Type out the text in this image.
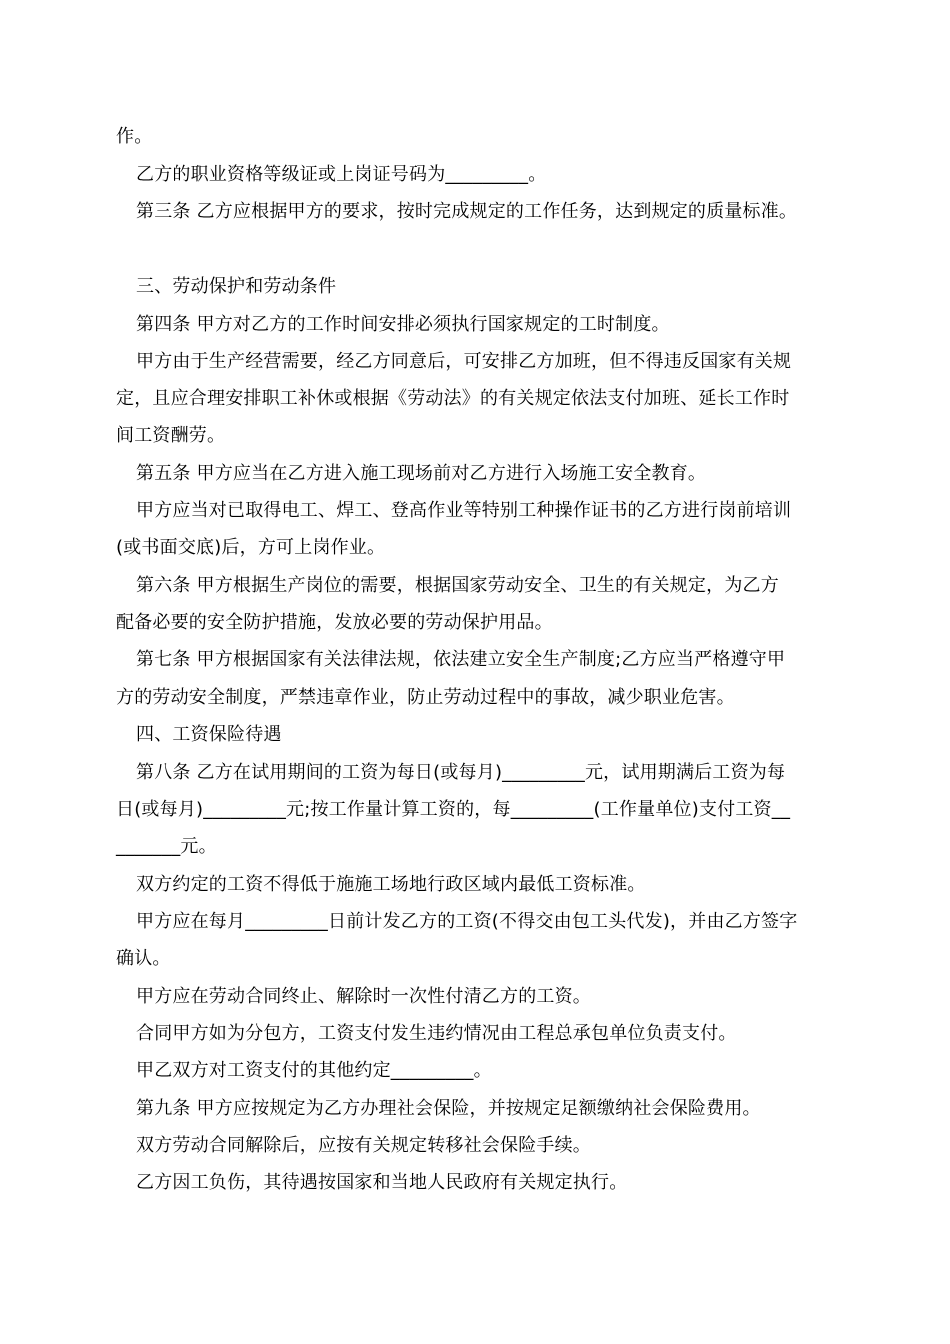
作。
乙方的职业资格等级证或上岗证号码为_________。
第三条 乙方应根据甲方的要求，按时完成规定的工作任务，达到规定的质量标准。
三、劳动保护和劳动条件
第四条 甲方对乙方的工作时间安排必须执行国家规定的工时制度。
甲方由于生产经营需要，经乙方同意后，可安排乙方加班，但不得违反国家有关规
定，且应合理安排职工补休或根据《劳动法》的有关规定依法支付加班、延长工作时
间工资酬劳。
第五条 甲方应当在乙方进入施工现场前对乙方进行入场施工安全教育。
甲方应当对已取得电工、焊工、登高作业等特别工种操作证书的乙方进行岗前培训
(或书面交底)后，方可上岗作业。
第六条 甲方根据生产岗位的需要，根据国家劳动安全、卫生的有关规定，为乙方
配备必要的安全防护措施，发放必要的劳动保护用品。
第七条 甲方根据国家有关法律法规，依法建立安全生产制度;乙方应当严格遵守甲
方的劳动安全制度，严禁违章作业，防止劳动过程中的事故，减少职业危害。
四、工资保险待遇
第八条 乙方在试用期间的工资为每日(或每月)_________元，试用期满后工资为每
日(或每月)_________元;按工作量计算工资的，每_________(工作量单位)支付工资__
_______元。
双方约定的工资不得低于施施工场地行政区域内最低工资标准。
甲方应在每月_________日前计发乙方的工资(不得交由包工头代发)，并由乙方签字
确认。
甲方应在劳动合同终止、解除时一次性付清乙方的工资。
合同甲方如为分包方，工资支付发生违约情况由工程总承包单位负责支付。
甲乙双方对工资支付的其他约定_________。
第九条 甲方应按规定为乙方办理社会保险，并按规定足额缴纳社会保险费用。
双方劳动合同解除后，应按有关规定转移社会保险手续。
乙方因工负伤，其待遇按国家和当地人民政府有关规定执行。
